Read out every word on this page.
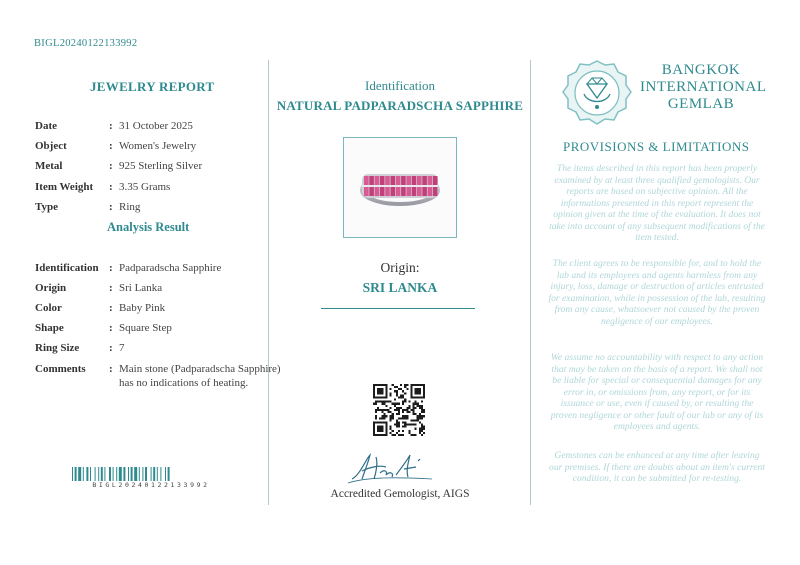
BIGL20240122133992
JEWELRY REPORT
Date	: 31 October 2025
Object	: Women's Jewelry
Metal	: 925 Sterling Silver
Item Weight : 3.35 Grams
Type	: Ring
Analysis Result
Identification : Padparadscha Sapphire
Origin	: Sri Lanka
Color	: Baby Pink
Shape	: Square Step
Ring Size	: 7
Comments : Main stone (Padparadscha Sapphire) has no indications of heating.
BIGL20240122133992
Identification
NATURAL PADPARADSCHA SAPPHIRE
Origin:
SRI LANKA
Accredited Gemologist, AIGS
BANGKOK
INTERNATIONAL
GEMLAB
PROVISIONS & LIMITATIONS
The items described in this report has been properly examined by at least three qualified gemologists. Our reports are based on subjective opinion. All the informations presented in this report represent the opinion given at the time of the evaluation. It does not take into account of any subsequent modifications of the item tested.
The client agrees to be responsible for, and to hold the lab and its employees and agents harmless from any injury, loss, damage or destruction of articles entrusted for examination, while in possession of the lab, resulting from any cause, whatsoever not caused by the proven negligence of our employees.
We assume no accountability with respect to any action that may be taken on the basis of a report. We shall not be liable for special or consequential damages for any error in, or omissions from, any report, or for its issuance or use, even if caused by, or resulting the proven negligence or other fault of our lab or any of its employees and agents.
Gemstones can be enhanced at any time after leaving our premises. If there are doubts about an item's current condition, it can be submitted for re-testing.
